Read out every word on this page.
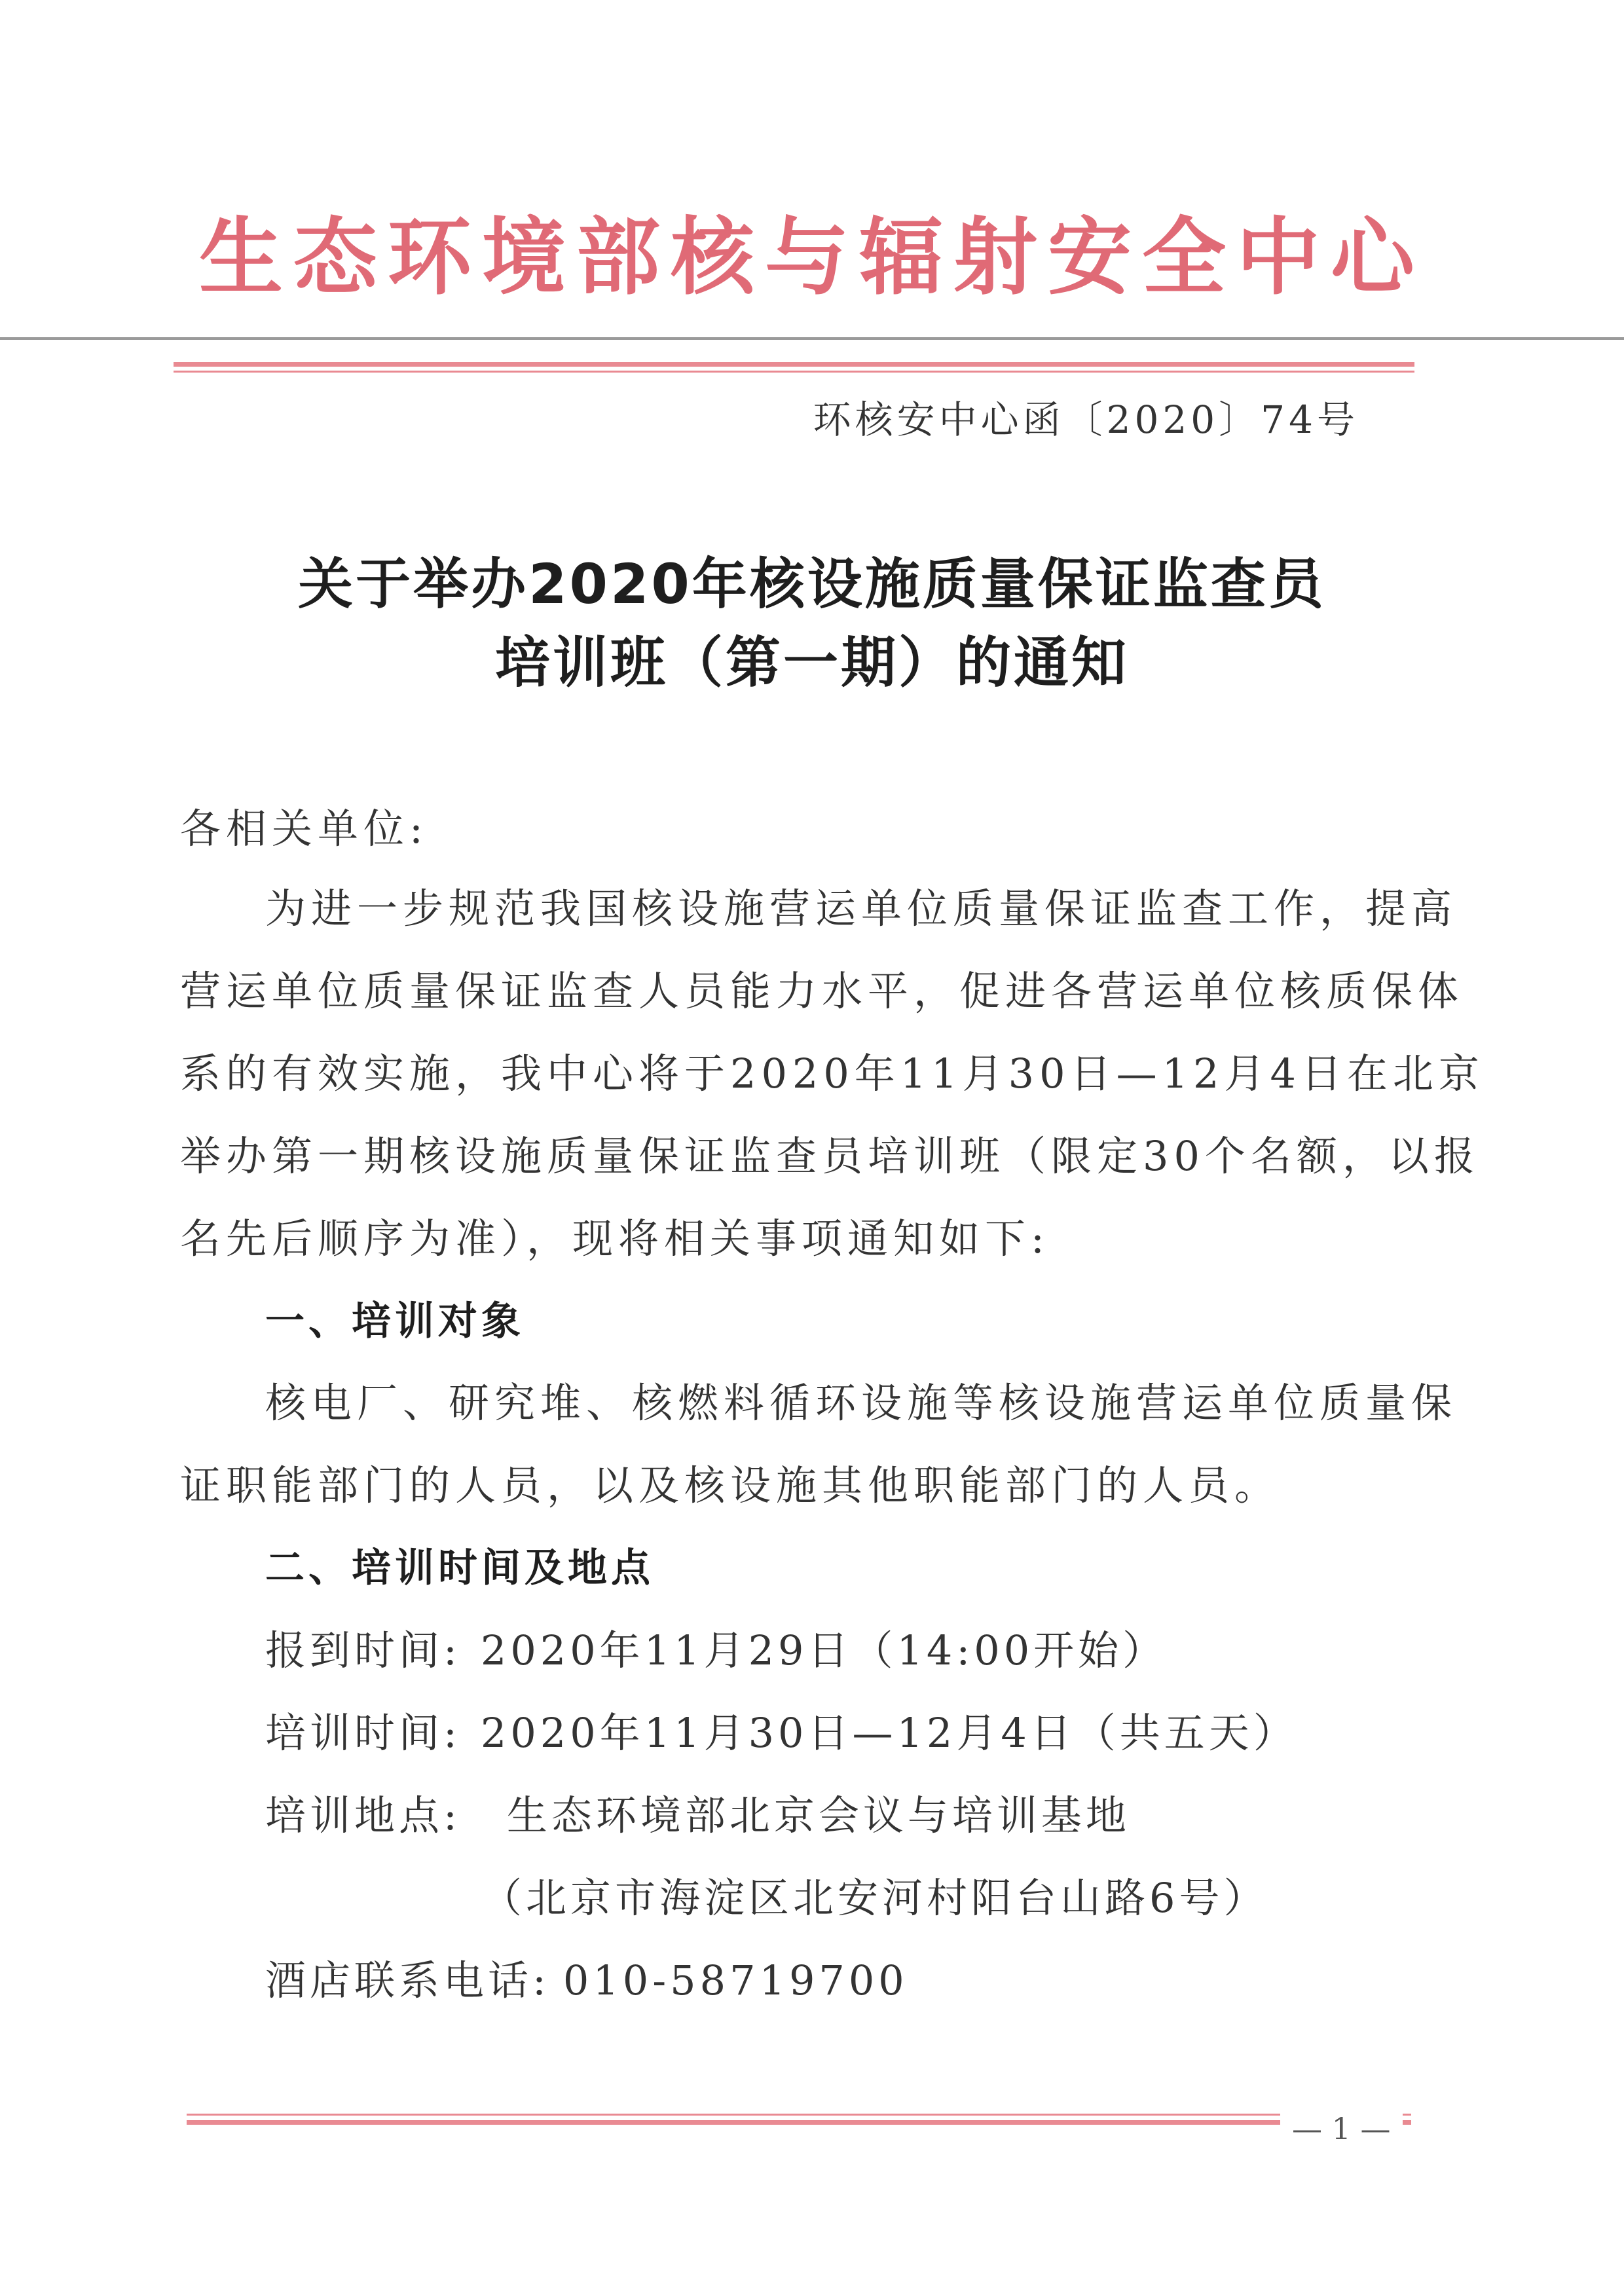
生态环境部核与辐射安全中心
环核安中心函〔2020〕74号
关于举办2020年核设施质量保证监查员
培训班（第一期）的通知
各相关单位:
为进一步规范我国核设施营运单位质量保证监查工作，提高
营运单位质量保证监查人员能力水平，促进各营运单位核质保体
系的有效实施，我中心将于2020年11月30日—12月4日在北京
举办第一期核设施质量保证监查员培训班（限定30个名额，以报
名先后顺序为准），现将相关事项通知如下:
一、培训对象
核电厂、研究堆、核燃料循环设施等核设施营运单位质量保
证职能部门的人员，以及核设施其他职能部门的人员。
二、培训时间及地点
报到时间: 2020年11月29日（14:00开始）
培训时间: 2020年11月30日—12月4日（共五天）
培训地点: 生态环境部北京会议与培训基地
（北京市海淀区北安河村阳台山路6号）
酒店联系电话: 010-58719700
— 1 —
